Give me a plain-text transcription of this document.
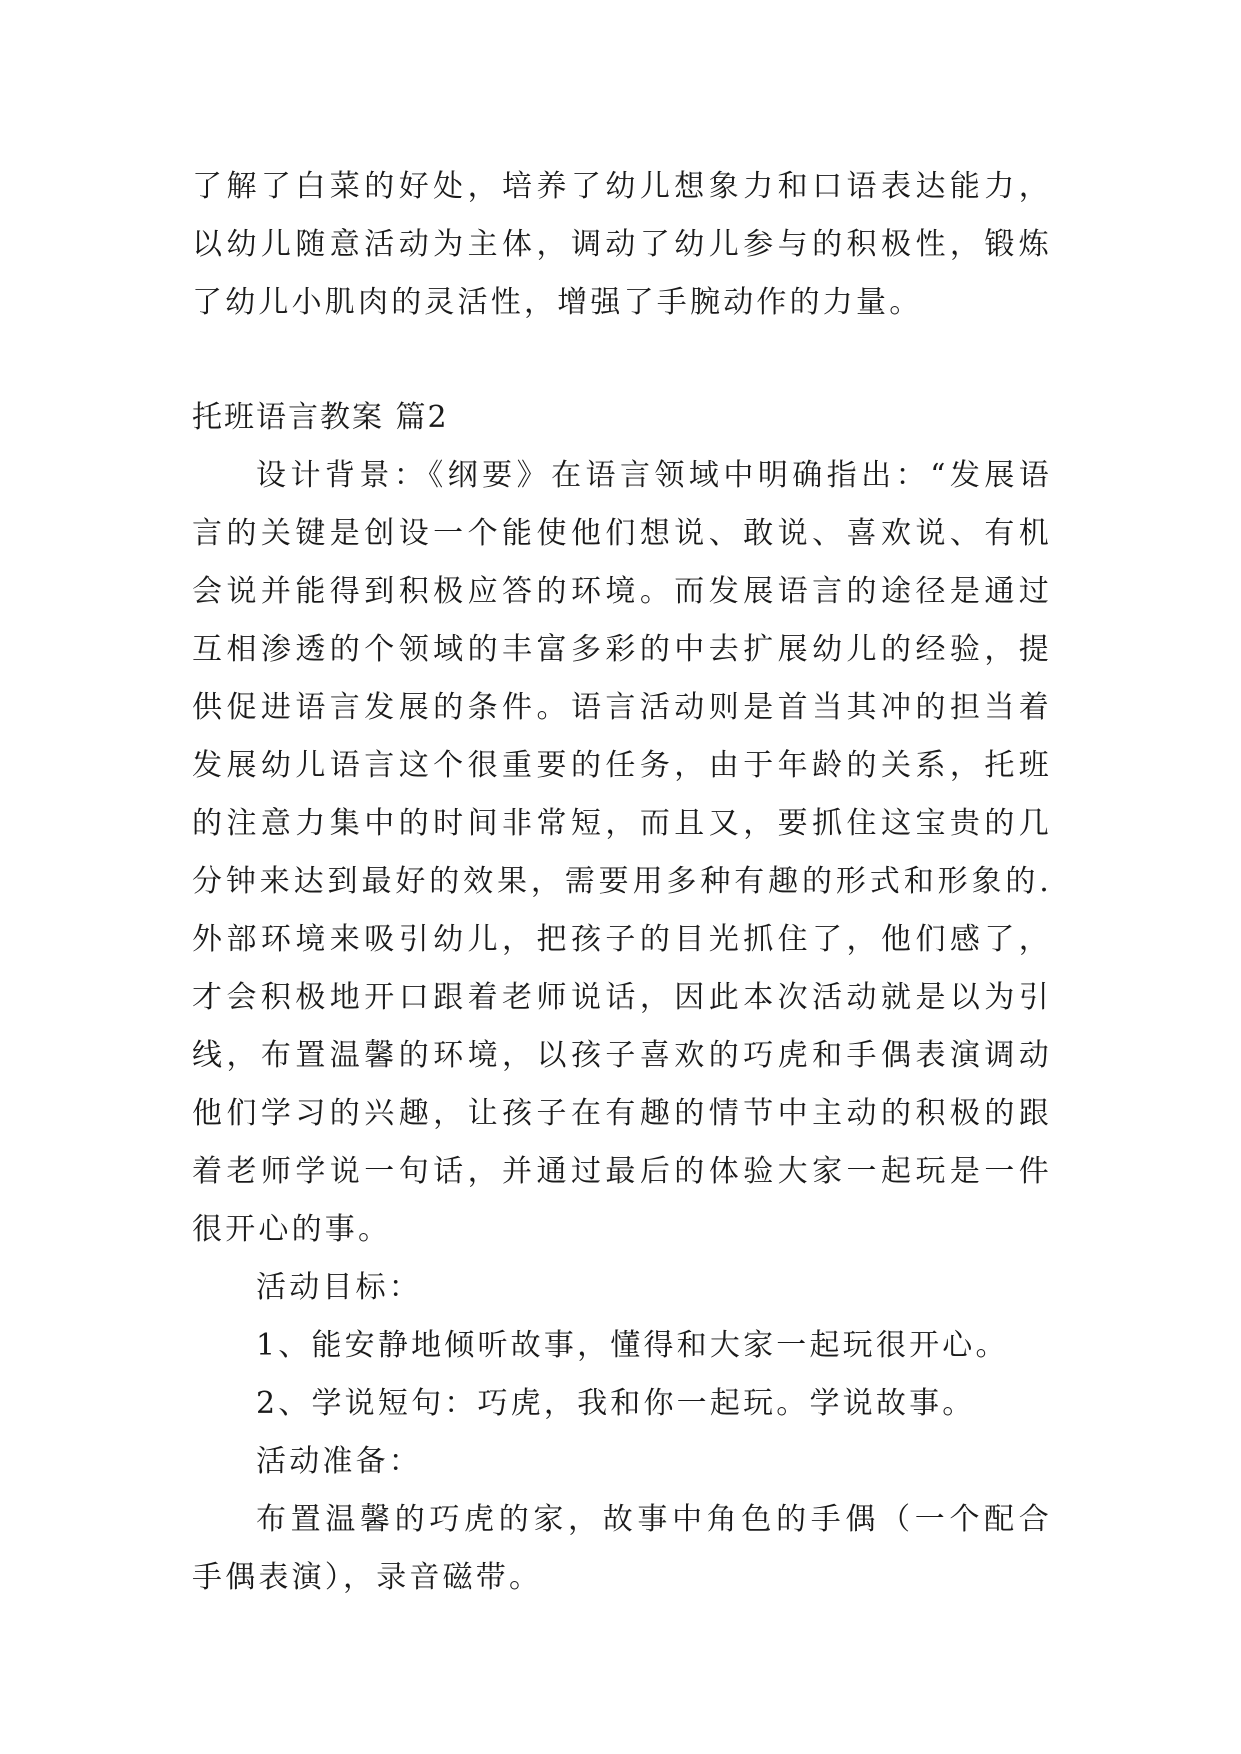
了解了白菜的好处，培养了幼儿想象力和口语表达能力，以幼儿随意活动为主体，调动了幼儿参与的积极性，锻炼了幼儿小肌肉的灵活性，增强了手腕动作的力量。

托班语言教案 篇2

设计背景：《纲要》在语言领域中明确指出：“发展语言的关键是创设一个能使他们想说、敢说、喜欢说、有机会说并能得到积极应答的环境。而发展语言的途径是通过互相渗透的个领域的丰富多彩的中去扩展幼儿的经验，提供促进语言发展的条件。语言活动则是首当其冲的担当着发展幼儿语言这个很重要的任务，由于年龄的关系，托班的注意力集中的时间非常短，而且又，要抓住这宝贵的几分钟来达到最好的效果，需要用多种有趣的形式和形象的.外部环境来吸引幼儿，把孩子的目光抓住了，他们感了，才会积极地开口跟着老师说话，因此本次活动就是以为引线，布置温馨的环境，以孩子喜欢的巧虎和手偶表演调动他们学习的兴趣，让孩子在有趣的情节中主动的积极的跟着老师学说一句话，并通过最后的体验大家一起玩是一件很开心的事。

活动目标：

1、能安静地倾听故事，懂得和大家一起玩很开心。

2、学说短句：巧虎，我和你一起玩。学说故事。

活动准备：

布置温馨的巧虎的家，故事中角色的手偶（一个配合手偶表演），录音磁带。
